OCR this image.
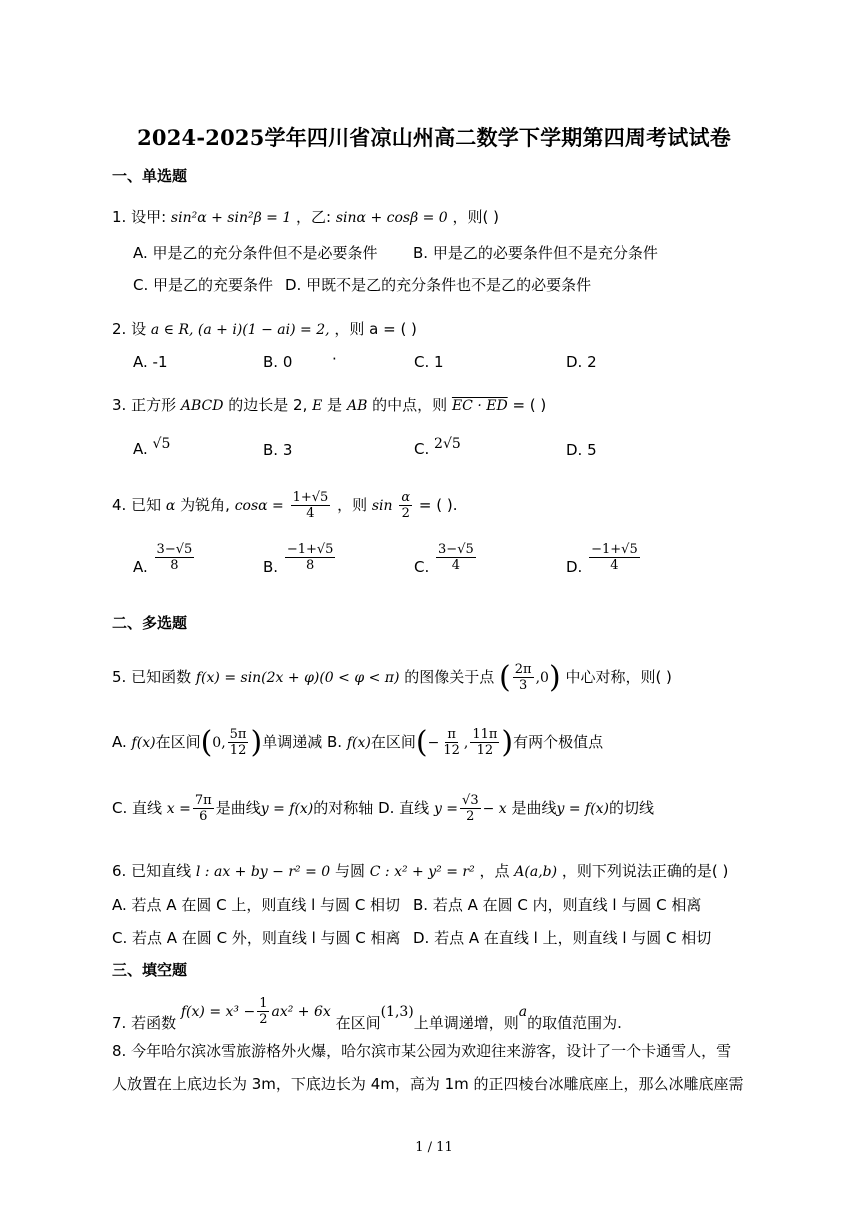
2024-2025学年四川省凉山州高二数学下学期第四周考试试卷
一、单选题
1. 设甲: sin²α + sin²β = 1 ，乙: sinα + cosβ = 0 ，则( )
A. 甲是乙的充分条件但不是必要条件 B. 甲是乙的必要条件但不是充分条件
C. 甲是乙的充要条件 D. 甲既不是乙的充分条件也不是乙的必要条件
2. 设 a ∈ R, (a + i)(1 − ai) = 2, ，则 a = ( )
A. -1	B. 0	·	C. 1	D. 2
3. 正方形 ABCD 的边长是 2, E 是 AB 的中点，则 EC · ED = ( )
A. √5	B. 3	C. 2√5	D. 5
4. 已知 α 为锐角, $\cos\alpha = \frac{1+√5}{4}$ ，则 $\sin \frac{\alpha}{2}$ = ( ).
A. $\frac{3-√5}{8}$	B. $\frac{-1+√5}{8}$	C. $\frac{3-√5}{4}$	D. $\frac{-1+√5}{4}$
二、多选题
5. 已知函数 f(x) = sin(2x + φ)(0 < φ < π) 的图像关于点 ( $\frac{2\pi}{3} ,0$) 中心对称，则( )
A. f(x)在区间(0, $\frac{5\pi}{12}$ )单调递减 B. f(x)在区间(− $\frac{\pi}{12}$ , $\frac{11\pi}{12}$ )有两个极值点
C. 直线 $x = \frac{7\pi}{6}$ 是曲线y = f(x)的对称轴 D. 直线 $y = \frac{√3}{2} - x$ 是曲线y = f(x)的切线
6. 已知直线 l : ax + by − r² = 0 与圆 C : x² + y² = r² ，点 A(a,b) ，则下列说法正确的是( )
A. 若点 A 在圆 C 上，则直线 l 与圆 C 相切 B. 若点 A 在圆 C 内，则直线 l 与圆 C 相离
C. 若点 A 在圆 C 外，则直线 l 与圆 C 相离 D. 若点 A 在直线 l 上，则直线 l 与圆 C 相切
三、填空题
7. 若函数 $f(x) = x^3 - \frac{1}{2} ax^2 + 6x$ 在区间(1,3)上单调递增，则a的取值范围为.
8. 今年哈尔滨冰雪旅游格外火爆，哈尔滨市某公园为欢迎往来游客，设计了一个卡通雪人，雪
人放置在上底边长为 3m，下底边长为 4m，高为 1m 的正四棱台冰雕底座上，那么冰雕底座需
1 / 11
